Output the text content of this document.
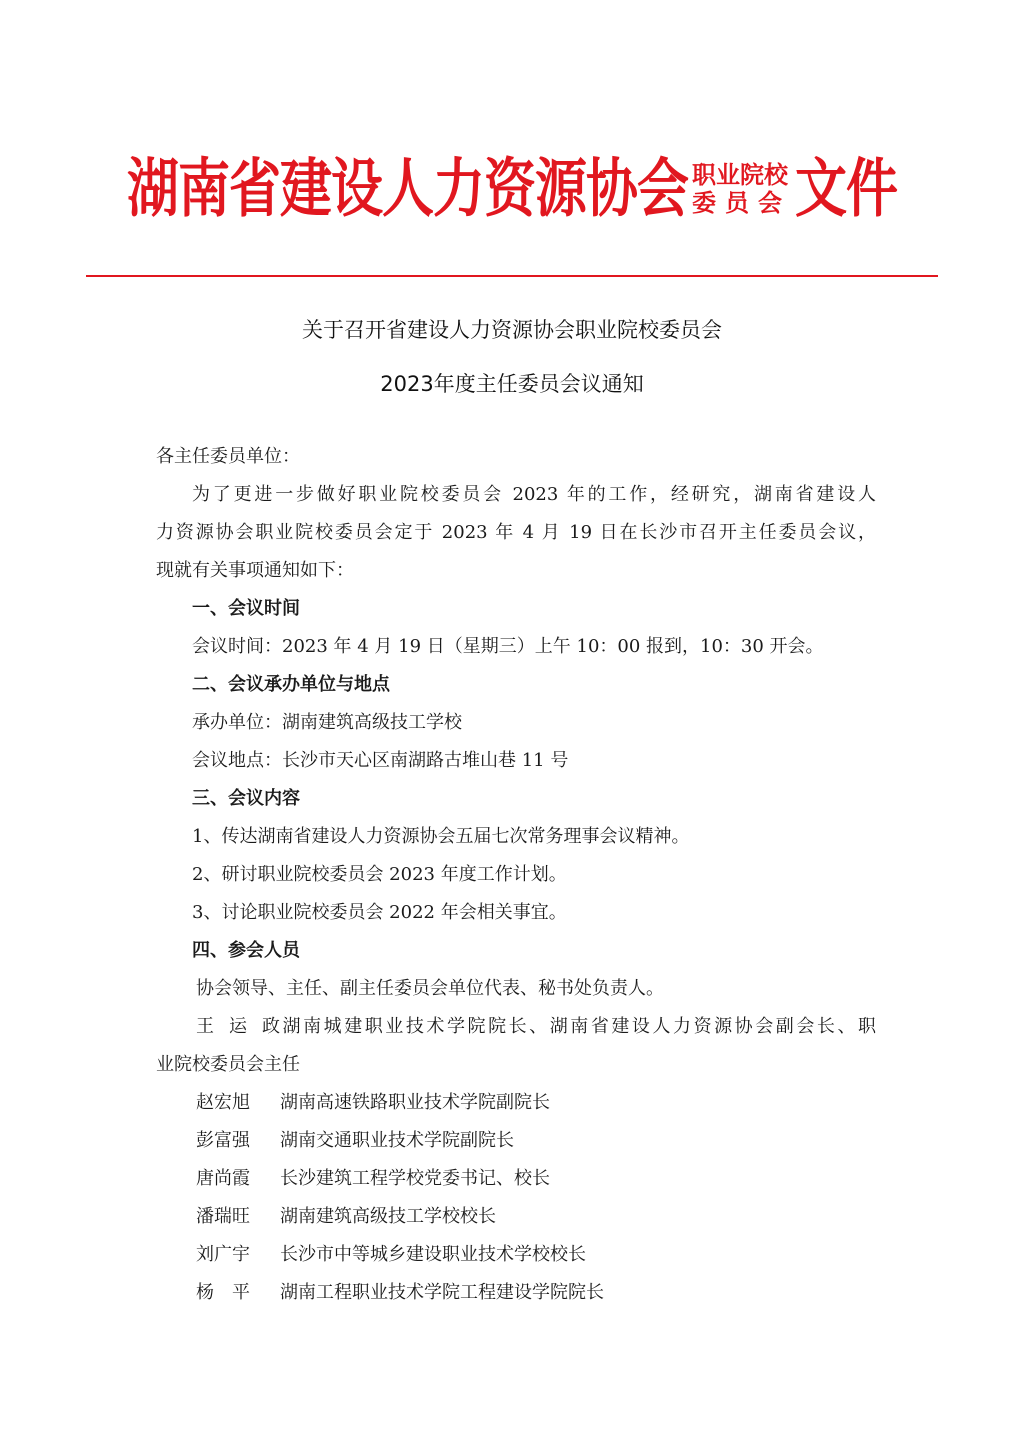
湖南省建设人力资源协会 职业院校
委员会 文件
关于召开省建设人力资源协会职业院校委员会
2023年度主任委员会议通知
各主任委员单位：
为了更进一步做好职业院校委员会 2023 年的工作，经研究，湖南省建设人
力资源协会职业院校委员会定于 2023 年 4 月 19 日在长沙市召开主任委员会议，
现就有关事项通知如下：
一、会议时间
会议时间：2023 年 4 月 19 日（星期三）上午 10：00 报到，10：30 开会。
二、会议承办单位与地点
承办单位：湖南建筑高级技工学校
会议地点：长沙市天心区南湖路古堆山巷 11 号
三、会议内容
1、传达湖南省建设人力资源协会五届七次常务理事会议精神。
2、研讨职业院校委员会 2023 年度工作计划。
3、讨论职业院校委员会 2022 年会相关事宜。
四、参会人员
协会领导、主任、副主任委员会单位代表、秘书处负责人。
王运政湖南城建职业技术学院院长、湖南省建设人力资源协会副会长、职
业院校委员会主任
赵宏旭 湖南高速铁路职业技术学院副院长
彭富强 湖南交通职业技术学院副院长
唐尚霞 长沙建筑工程学校党委书记、校长
潘瑞旺 湖南建筑高级技工学校校长
刘广宇 长沙市中等城乡建设职业技术学校校长
杨　平 湖南工程职业技术学院工程建设学院院长
